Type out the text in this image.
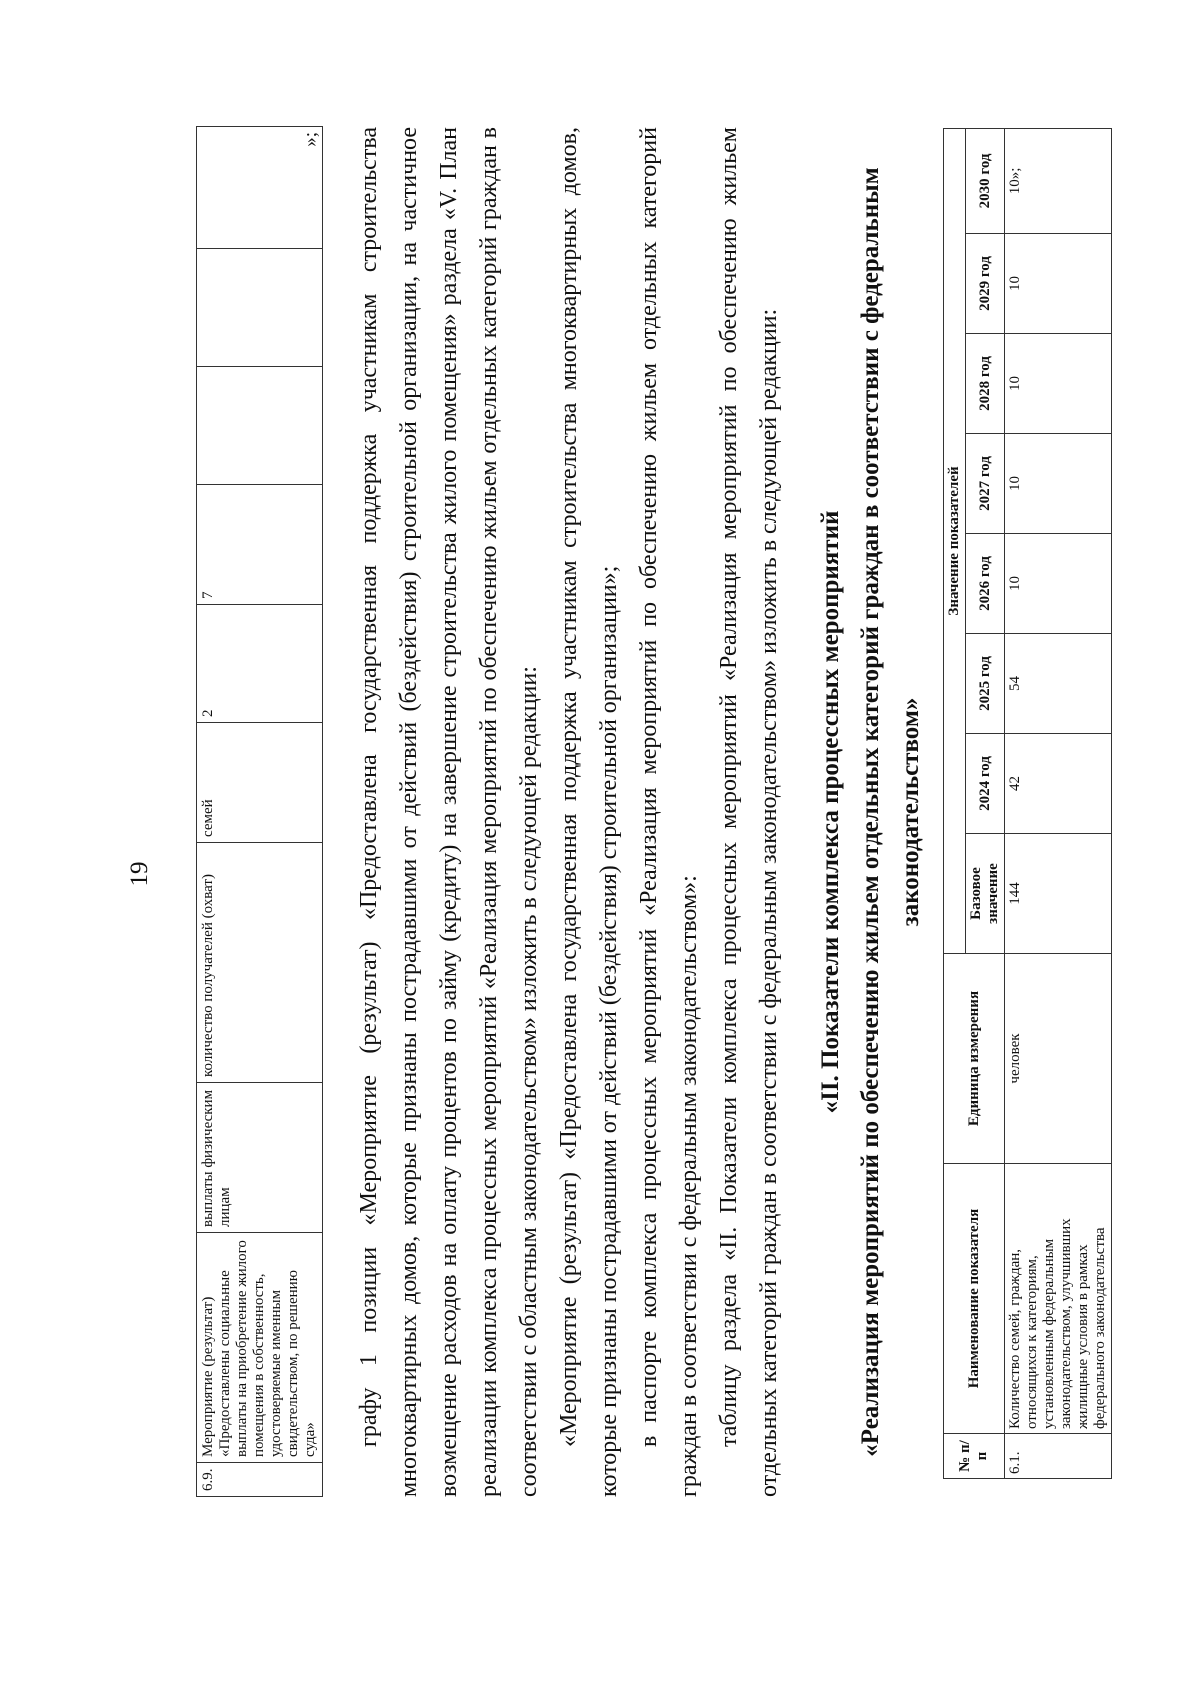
19
6.9.	Мероприятие (результат) «Предоставлены социальные выплаты на приобретение жилого помещения в собственность, удостоверяемые именным свидетельством, по решению суда»	выплаты физическим лицам	количество получателей (охват)	семей	2	7			»; графу 1 позиции «Мероприятие (результат) «Предоставлена государственная поддержка участникам строительства многоквартирных домов, которые признаны пострадавшими от действий (бездействия) строительной организации, на частичное возмещение расходов на оплату процентов по займу (кредиту) на завершение строительства жилого помещения» раздела «V. План реализации комплекса процессных мероприятий «Реализация мероприятий по обеспечению жильем отдельных категорий граждан в соответствии с областным законодательством» изложить в следующей редакции: «Мероприятие (результат) «Предоставлена государственная поддержка участникам строительства многоквартирных домов, которые признаны пострадавшими от действий (бездействия) строительной организации»; в паспорте комплекса процессных мероприятий «Реализация мероприятий по обеспечению жильем отдельных категорий граждан в соответствии с федеральным законодательством»: таблицу раздела «II. Показатели комплекса процессных мероприятий «Реализация мероприятий по обеспечению жильем отдельных категорий граждан в соответствии с федеральным законодательством» изложить в следующей редакции: «II. Показатели комплекса процессных мероприятий «Реализация мероприятий по обеспечению жильем отдельных категорий граждан в соответствии с федеральным законодательством»
№ п/п	Наименование показателя	Единица измерения	Значение показателей							
			Базовое значение	2024 год	2025 год	2026 год	2027 год	2028 год	2029 год	2030 год
6.1.	Количество семей, граждан, относящихся к категориям, установленным федеральным законодательством, улучшивших жилищные условия в рамках федерального законодательства	человек	144	42	54	10	10	10	10	10»;
